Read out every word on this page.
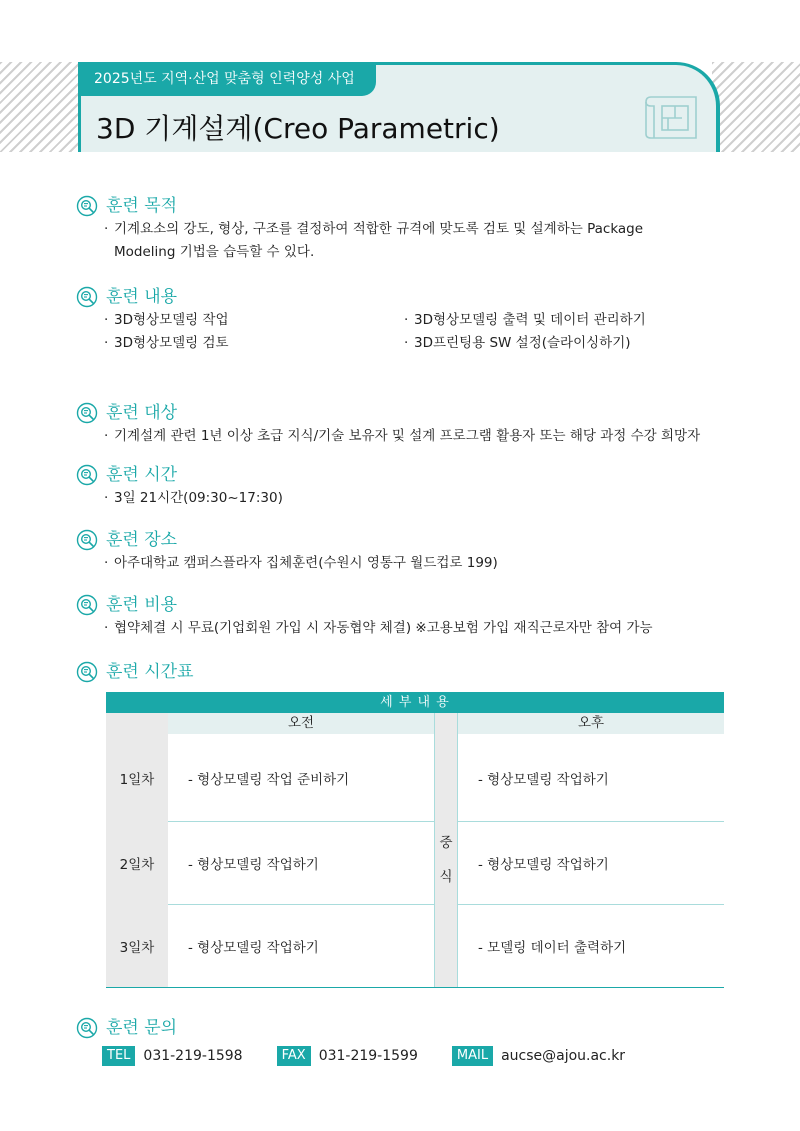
2025년도 지역·산업 맞춤형 인력양성 사업
3D 기계설계(Creo Parametric)
훈련 목적
· 기계요소의 강도, 형상, 구조를 결정하여 적합한 규격에 맞도록 검토 및 설계하는 Package
Modeling 기법을 습득할 수 있다.
훈련 내용
· 3D형상모델링 작업
· 3D형상모델링 검토
· 3D형상모델링 출력 및 데이터 관리하기
· 3D프린팅용 SW 설정(슬라이싱하기)
훈련 대상
· 기계설계 관련 1년 이상 초급 지식/기술 보유자 및 설계 프로그램 활용자 또는 해당 과정 수강 희망자
훈련 시간
· 3일 21시간(09:30~17:30)
훈련 장소
· 아주대학교 캠퍼스플라자 집체훈련(수원시 영통구 월드컵로 199)
훈련 비용
· 협약체결 시 무료(기업회원 가입 시 자동협약 체결) ※고용보험 가입 재직근로자만 참여 가능
훈련 시간표
세 부 내 용
오전	오후
중
식
1일차	- 형상모델링 작업 준비하기	- 형상모델링 작업하기
2일차	- 형상모델링 작업하기	- 형상모델링 작업하기
3일차	- 형상모델링 작업하기	- 모델링 데이터 출력하기
훈련 문의
TEL 031-219-1598	FAX 031-219-1599	MAIL aucse@ajou.ac.kr
